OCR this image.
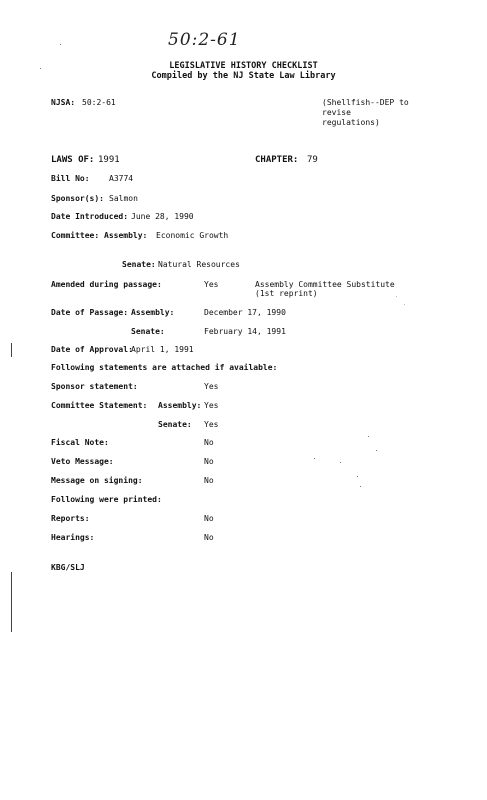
50:2-61
LEGISLATIVE HISTORY CHECKLIST
Compiled by the NJ State Law Library
NJSA: 50:2-61	(Shellfish--DEP to
revise
regulations)
LAWS OF: 1991	CHAPTER: 79
Bill No: A3774
Sponsor(s): Salmon
Date Introduced: June 28, 1990
Committee: Assembly: Economic Growth
Senate: Natural Resources
Amended during passage:	Yes	Assembly Committee Substitute
(1st reprint)
Date of Passage: Assembly:	December 17, 1990
Senate:	February 14, 1991
Date of Approval:
April 1, 1991
Following statements are attached if available:
Sponsor statement:	Yes
Committee Statement: Assembly: Yes
Senate: Yes
Fiscal Note:	No
Veto Message:	No
Message on signing:	No
Following were printed:
Reports:	No
Hearings:	No
KBG/SLJ
